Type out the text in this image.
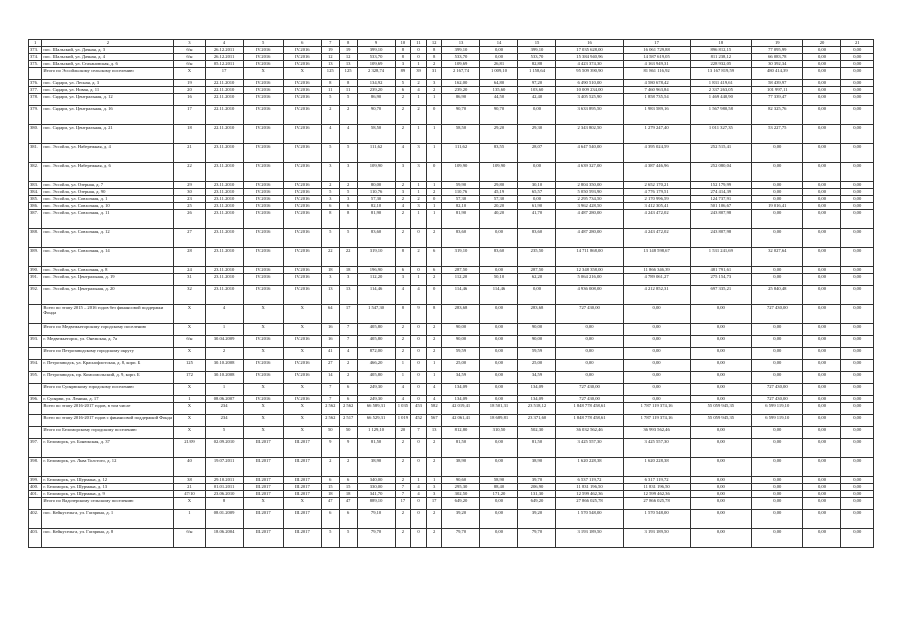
1	2	3	4	5	6	7	8	9	10	11	12	13	14	15	16	17	18	19	20	21
373.	пос. Шальский, ул. Дачная, д. 3	б/н	26.12.2011	IV.2016	IV.2016	19	19	399,10	8	0	8	399,10	0,00	399,10	17 035 628,00	16 061 729,88	896 812,15	77 095,99	0,00	0,00
374.	пос. Шальский, ул. Дачная, д. 4	б/н	26.12.2011	IV.2016	IV.2016	12	12	533,70	8	0	8	533,70	0,00	533,70	15 384 940,96	14 587 619,05	811 238,12	66 083,78	0,00	0,00
375.	пос. Шальский, ул. Стахановская, д. 6	б/н	05.12.2011	IV.2016	IV.2016	13	13	109,69	3	1	2	109,69	26,81	82,88	4 423 374,30	4 163 949,31	228 932,05	30 392,34	0,00	0,00
	Итого по Эссойльскому сельскому поселению	X	17	X	X	125	125	2 328,74	89	39	31	2 167,74	1 009,10	1 158,64	95 509 390,90	81 861 116,92	13 167 819,59	480 414,39	0,00	0,00
376.	пос. Сядари, ул. Лесная, д. 3	19	22.11.2010	IV.2016	IV.2016	8	8	134,92	5	2	3	162,00	64,80	97,20	6 490 510,00	4 580 678,42	1 831 419,61	58 439,97	0,00	0,00
377.	пос. Сядари, ул. Новая, д. 11	20	22.11.2010	IV.2016	IV.2016	11	11	239,20	6	4	2	239,20	135,60	103,60	10 009 234,00	7 460 963,84	2 337 263,05	101 997,11	0,00	0,00
378.	пос. Сядари, ул. Центральная, д. 12	16	22.11.2010	IV.2016	IV.2016	5	5	86,90	2	1	1	86,90	44,50	42,40	3 405 525,90	1 858 735,54	1 469 440,90	77 339,47	0,00	0,00
379.	пос. Сядари, ул. Центральная, д. 16	17	22.11.2010	IV.2016	IV.2016	2	2	90,70	2	2	0	90,70	90,70	0,00	3 633 895,50	1 983 589,16	1 567 980,58	82 325,76	0,00	0,00
380.	пос. Сядари, ул. Центральная, д. 21	18	22.11.2010	IV.2016	IV.2016	4	4	58,50	2	1	1	58,50	29,20	29,30	2 343 802,50	1 279 247,40	1 011 327,35	53 227,75	0,00	0,00
381.	пос. Эссойла, ул. Набережная, д. 4	21	23.11.2010	IV.2016	IV.2016	5	5	111,62	4	3	1	111,62	83,55	28,07	4 647 540,00	4 395 024,59	252 515,41	0,00	0,00	0,00
382.	пос. Эссойла, ул. Набережная, д. 6	22	23.11.2010	IV.2016	IV.2016	3	3	109,90	3	3	0	109,90	109,90	0,00	4 639 327,00	4 387 446,96	252 080,04	0,00	0,00	0,00
383.	пос. Эссойла, ул. Озерная, д. 7	29	23.11.2010	IV.2016	IV.2016	2	2	80,00	2	1	1	59,90	29,80	30,10	2 804 350,00	2 652 170,21	152 179,99	0,00	0,00	0,00
384.	пос. Эссойла, ул. Озерная, д. 90	30	23.11.2010	IV.2016	IV.2016	5	5	110,76	3	1	2	110,76	45,19	65,57	5 050 593,90	4 776 179,51	274 414,39	0,00	0,00	0,00
385.	пос. Эссойла, ул. Совхозная, д. 1	23	23.11.2010	IV.2016	IV.2016	3	3	57,30	2	2	0	57,30	57,30	0,00	2 295 734,50	2 170 996,59	124 737,91	0,00	0,00	0,00
386.	пос. Эссойла, ул. Совхозная, д. 10	25	23.11.2010	IV.2016	IV.2016	6	6	82,10	4	3	1	82,10	20,20	61,90	3 962 428,50	3 412 305,41	501 106,67	19 016,41	0,00	0,00
387.	пос. Эссойла, ул. Совхозная, д. 11	26	23.11.2010	IV.2016	IV.2016	8	8	81,90	2	1	1	81,90	40,20	41,70	4 487 280,00	4 243 472,02	243 807,98	0,00	0,00	0,00
388.	пос. Эссойла, ул. Совхозная, д. 12	27	23.11.2010	IV.2016	IV.2016	5	5	83,60	2	0	2	83,60	0,00	83,60	4 487 280,00	4 243 472,02	243 807,98	0,00	0,00	0,00
389.	пос. Эссойла, ул. Совхозная, д. 14	28	23.11.2010	IV.2016	IV.2016	22	22	319,10	8	2	6	319,10	83,60	235,50	14 711 868,00	13 148 598,67	1 531 241,69	32 027,64	0,00	0,00
390.	пос. Эссойла, ул. Совхозная, д. 8	24	23.11.2010	IV.2016	IV.2016	18	18	196,90	6	0	6	287,50	0,00	287,50	12 348 358,00	11 866 346,39	481 791,61	0,00	0,00	0,00
391.	пос. Эссойла, ул. Центральная, д. 19	31	23.11.2010	IV.2016	IV.2016	3	3	112,20	3	1	2	112,20	50,10	62,20	5 064 216,00	4 789 061,27	275 154,73	0,00	0,00	0,00
392.	пос. Эссойла, ул. Центральная, д. 20	32	23.11.2010	IV.2016	IV.2016	13	13	114,46	4	4	0	114,46	114,46	0,00	4 936 008,00	4 212 852,31	697 335,21	25 840,48	0,00	0,00
	Всего по этапу 2015 – 2016 годов без финансовой поддержки Фонда	X	4	X	X	64	17	1 547,30	8	9	8	283,68	0,00	283,68	727 430,00	0,00	0,00	727 430,00	0,00	0,00
	Итого по Медвежьегорскому городскому поселению	X	1	X	X	16	7	405,80	2	0	2	90,00	0,00	90,00	0,00	0,00	0,00	0,00	0,00	0,00
393.	г. Медвежьегорск, ул. Онежская, д. 7а	б/н	30.04.2009	IV.2016	IV.2016	16	7	405,80	2	0	2	90,00	0,00	90,00	0,00	0,00	0,00	0,00	0,00	0,00
	Итого по Петрозаводскому городскому округу	X	2	X	X	41	4	872,00	2	0	2	59,59	0,00	59,59	0,00	0,00	0,00	0,00	0,00	0,00
394.	г. Петрозаводск, ул. Краснофлотская, д. 8, корп. Б	125	30.10.2008	IV.2016	IV.2016	27	2	466,20	1	0	1	25,00	0,00	25,00	0,00	0,00	0,00	0,00	0,00	0,00
395.	г. Петрозаводск, пр. Комсомольский, д. 9, корп. Б	172	30.10.2008	IV.2016	IV.2016	14	2	405,80	1	0	1	34,59	0,00	34,59	0,00	0,00	0,00	0,00	0,00	0,00
	Итого по Суоярвскому городскому поселению	X	1	X	X	7	6	249,30	4	0	4	134,09	0,00	134,09	727 430,00	0,00	0,00	727 430,00	0,00	0,00
396.	г. Суоярви, ул. Ленина, д. 17	1	08.06.2007	IV.2016	IV.2016	7	6	249,30	4	0	4	134,09	0,00	134,09	727 430,00	0,00	0,00	727 430,00	0,00	0,00
	Всего по этапу 2016-2017 годов, в том числе	X	234	X	X	2 562	2 562	66 589,31	1 035	453	582	42 019,41	18 501,31	23 518,12	1 848 778 458,61	1 787 119 374,16	55 059 945,35	6 599 119,10	0,00	0,00
	Всего по этапу 2016-2017 годов с финансовой поддержкой Фонда	X	234	X	X	2 562	2 517	66 529,31	1 019	452	567	42 061,41	18 689,81	23 371,60	1 848 778 458,61	1 787 119 374,16	55 059 945,35	6 599 119,10	0,00	0,00
	Итого по Беломорскому городскому поселению	X	5	X	X	50	50	1 129,10	20	7	13	812,80	310,50	502,30	36 032 562,46	36 993 562,46	0,00	0,00	0,00	0,00
397.	г. Беломорск, ул. Бонюкская, д. 37	21/09	02.09.2010	III.2017	III.2017	9	9	81,50	2	0	2	81,50	0,00	81,50	3 425 557,30	3 425 557,30	0,00	0,00	0,00	0,00
398.	г. Беломорск, ул. Льва Толстого, д. 12	40	19.07.2011	III.2017	III.2017	2	2	38,90	2	0	2	38,90	0,00	38,90	1 620 228,38	1 620 228,38	0,00	0,00	0,00	0,00
399.	г. Беломорск, ул. Шурмана, д. 12	38	29.10.2011	III.2017	III.2017	6	6	340,00	2	1	1	90,60	58,90	39,70	6 537 119,72	6 317 119,72	0,00	0,00	0,00	0,00
400.	г. Беломорск, ул. Шурмана, д. 13	21	01.01.2011	III.2017	III.2017	15	15	330,00	7	4	3	295,30	88,40	206,90	11 831 196,50	11 831 196,50	0,00	0,00	0,00	0,00
401.	г. Беломорск, ул. Шурмана, д. 9	47/10	23.06.2010	III.2017	III.2017	18	18	341,70	7	4	3	302,50	171,20	131,30	12 599 462,36	12 599 462,36	0,00	0,00	0,00	0,00
	Итого по Вадозерскому сельскому поселению	X	8	X	X	47	47	889,10	17	0	17	649,20	0,00	649,20	27 866 025,78	27 866 025,78	0,00	0,00	0,00	0,00
402.	пос. Кейнусельга, ул. Гагарина, д. 1	1	08.01.2009	III.2017	III.2017	6	6	79,10	2	0	2	39,20	0,00	39,20	1 570 548,00	1 570 548,00	0,00	0,00	0,00	0,00
403.	пос. Кейнусельга, ул. Гагарина, д. 8	б/н	18.06.2004	III.2017	III.2017	5	5	79,70	2	0	2	79,70	0,00	79,70	3 193 189,50	3 193 189,50	0,00	0,00	0,00	0,00
